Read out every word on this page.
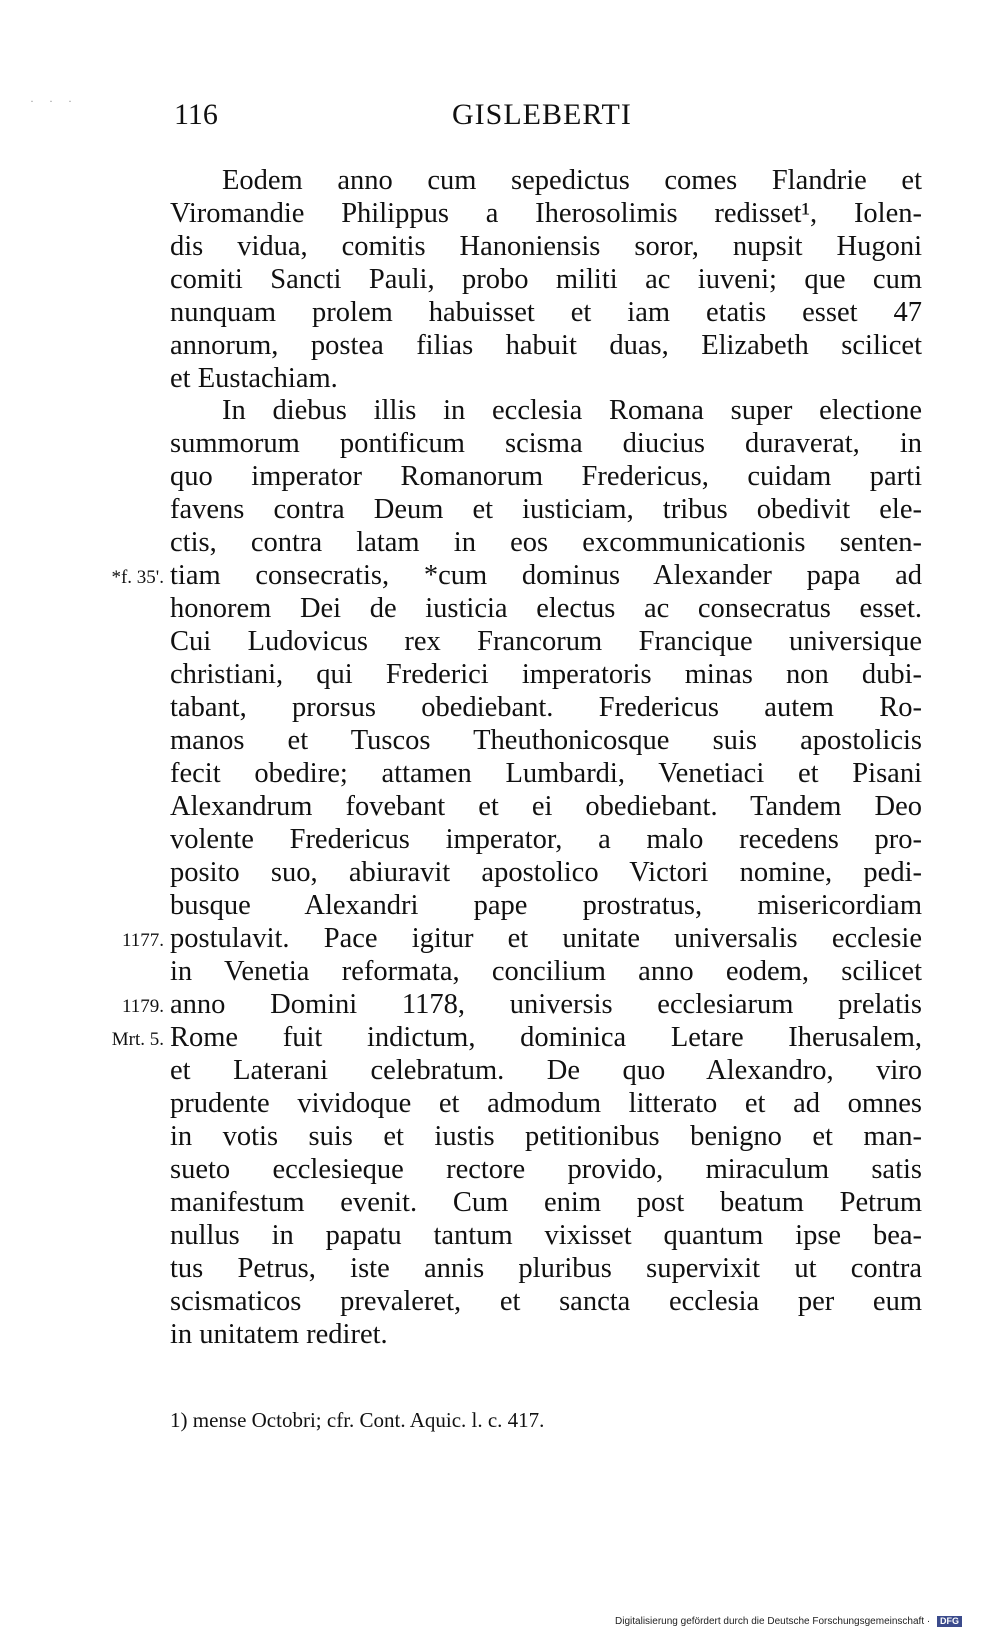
· · ·	116	GISLEBERTI
Eodem anno cum sepedictus comes Flandrie et
Viromandie Philippus a Iherosolimis redisset¹, Iolen-
dis vidua, comitis Hanoniensis soror, nupsit Hugoni
comiti Sancti Pauli, probo militi ac iuveni; que cum
nunquam prolem habuisset et iam etatis esset 47
annorum, postea filias habuit duas, Elizabeth scilicet
et Eustachiam.
In diebus illis in ecclesia Romana super electione
summorum pontificum scisma diucius duraverat, in
quo imperator Romanorum Fredericus, cuidam parti
favens contra Deum et iusticiam, tribus obedivit ele-
ctis, contra latam in eos excommunicationis senten-
tiam consecratis, *cum dominus Alexander papa ad
honorem Dei de iusticia electus ac consecratus esset.
Cui Ludovicus rex Francorum Francique universique
christiani, qui Frederici imperatoris minas non dubi-
tabant, prorsus obediebant. Fredericus autem Ro-
manos et Tuscos Theuthonicosque suis apostolicis
fecit obedire; attamen Lumbardi, Venetiaci et Pisani
Alexandrum fovebant et ei obediebant. Tandem Deo
volente Fredericus imperator, a malo recedens pro-
posito suo, abiuravit apostolico Victori nomine, pedi-
busque Alexandri pape prostratus, misericordiam
postulavit. Pace igitur et unitate universalis ecclesie
in Venetia reformata, concilium anno eodem, scilicet
anno Domini 1178, universis ecclesiarum prelatis
Rome fuit indictum, dominica Letare Iherusalem,
et Laterani celebratum. De quo Alexandro, viro
prudente vividoque et admodum litterato et ad omnes
in votis suis et iustis petitionibus benigno et man-
sueto ecclesieque rectore provido, miraculum satis
manifestum evenit. Cum enim post beatum Petrum
nullus in papatu tantum vixisset quantum ipse bea-
tus Petrus, iste annis pluribus supervixit ut contra
scismaticos prevaleret, et sancta ecclesia per eum
in unitatem rediret.
*f. 35'.
1177.
1179.
Mrt. 5.
1) mense Octobri; cfr. Cont. Aquic. l. c. 417.
Digitalisierung gefördert durch die Deutsche Forschungsgemeinschaft · DFG
